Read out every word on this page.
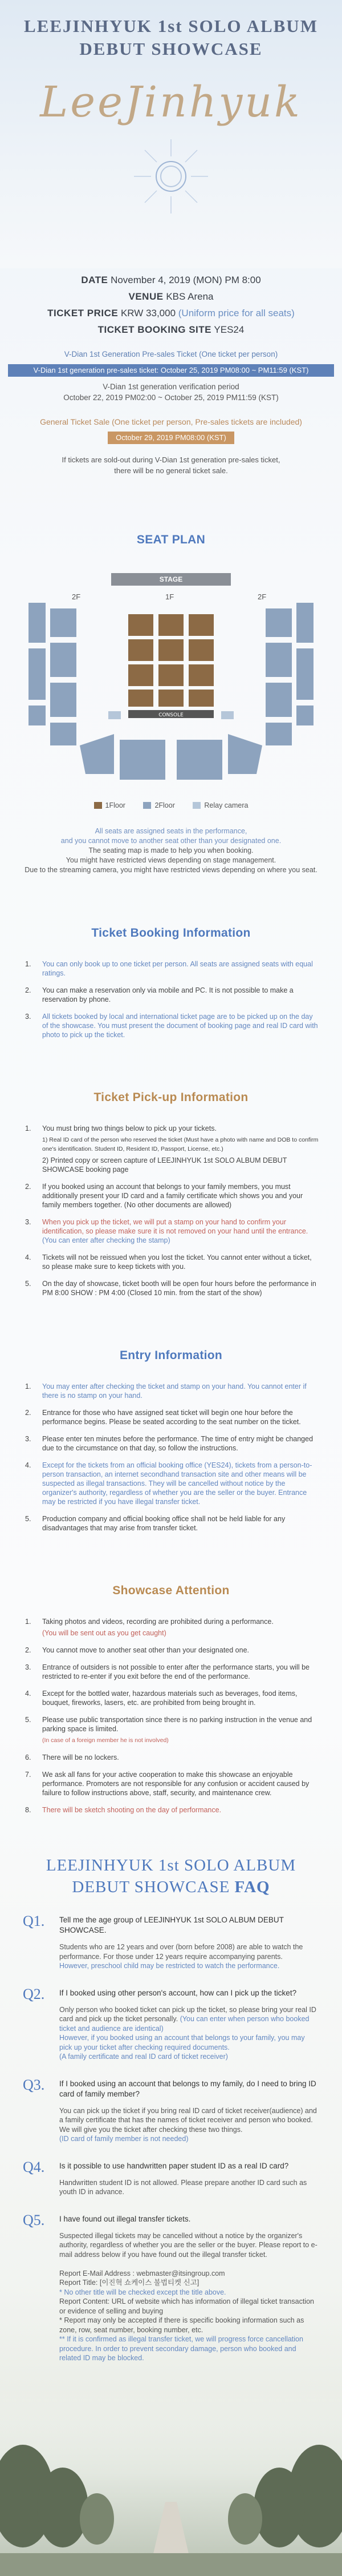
LEEJINHYUK 1st SOLO ALBUM
DEBUT SHOWCASE
LeeJinhyuk
DATE November 4, 2019 (MON) PM 8:00
VENUE KBS Arena
TICKET PRICE KRW 33,000 (Uniform price for all seats)
TICKET BOOKING SITE YES24
V-Dian 1st Generation Pre-sales Ticket (One ticket per person)
V-Dian 1st generation pre-sales ticket: October 25, 2019 PM08:00 ~ PM11:59 (KST)
V-Dian 1st generation verification period
October 22, 2019 PM02:00 ~ October 25, 2019 PM11:59 (KST)
General Ticket Sale (One ticket per person, Pre-sales tickets are included)
October 29, 2019 PM08:00 (KST)
If tickets are sold-out during V-Dian 1st generation pre-sales ticket,
there will be no general ticket sale.
SEAT PLAN
STAGE
2F	1F	2F
CONSOLE
1Floor	2Floor	Relay camera
All seats are assigned seats in the performance,
and you cannot move to another seat other than your designated one.
The seating map is made to help you when booking.
You might have restricted views depending on stage management.
Due to the streaming camera, you might have restricted views depending on where you seat.
Ticket Booking Information
1. You can only book up to one ticket per person. All seats are assigned seats with equal ratings.
2. You can make a reservation only via mobile and PC. It is not possible to make a reservation by phone.
3. All tickets booked by local and international ticket page are to be picked up on the day of the showcase. You must present the document of booking page and real ID card with photo to pick up the ticket.
Ticket Pick-up Information
1. You must bring two things below to pick up your tickets.
1) Real ID card of the person who reserved the ticket (Must have a photo with name and DOB to confirm one's identification. Student ID, Resident ID, Passport, License, etc.)
2) Printed copy or screen capture of LEEJINHYUK 1st SOLO ALBUM DEBUT SHOWCASE booking page
2. If you booked using an account that belongs to your family members, you must additionally present your ID card and a family certificate which shows you and your family members together. (No other documents are allowed)
3. When you pick up the ticket, we will put a stamp on your hand to confirm your identification, so please make sure it is not removed on your hand until the entrance. (You can enter after checking the stamp)
4. Tickets will not be reissued when you lost the ticket. You cannot enter without a ticket, so please make sure to keep tickets with you.
5. On the day of showcase, ticket booth will be open four hours before the performance in PM 8:00 SHOW : PM 4:00 (Closed 10 min. from the start of the show)
Entry Information
1. You may enter after checking the ticket and stamp on your hand. You cannot enter if there is no stamp on your hand.
2. Entrance for those who have assigned seat ticket will begin one hour before the performance begins. Please be seated according to the seat number on the ticket.
3. Please enter ten minutes before the performance. The time of entry might be changed due to the circumstance on that day, so follow the instructions.
4. Except for the tickets from an official booking office (YES24), tickets from a person-to-person transaction, an internet secondhand transaction site and other means will be suspected as illegal transactions. They will be cancelled without notice by the organizer's authority, regardless of whether you are the seller or the buyer. Entrance may be restricted if you have illegal transfer ticket.
5. Production company and official booking office shall not be held liable for any disadvantages that may arise from transfer ticket.
Showcase Attention
1. Taking photos and videos, recording are prohibited during a performance.
(You will be sent out as you get caught)
2. You cannot move to another seat other than your designated one.
3. Entrance of outsiders is not possible to enter after the performance starts, you will be restricted to re-enter if you exit before the end of the performance.
4. Except for the bottled water, hazardous materials such as beverages, food items, bouquet, fireworks, lasers, etc. are prohibited from being brought in.
5. Please use public transportation since there is no parking instruction in the venue and parking space is limited.
(In case of a foreign member he is not involved)
6. There will be no lockers.
7. We ask all fans for your active cooperation to make this showcase an enjoyable performance. Promoters are not responsible for any confusion or accident caused by failure to follow instructions above, staff, security, and maintenance crew.
8. There will be sketch shooting on the day of performance.
LEEJINHYUK 1st SOLO ALBUM
DEBUT SHOWCASE FAQ
Q1. Tell me the age group of LEEJINHYUK 1st SOLO ALBUM DEBUT SHOWCASE.
Students who are 12 years and over (born before 2008) are able to watch the performance. For those under 12 years require accompanying parents.
However, preschool child may be restricted to watch the performance.
Q2. If I booked using other person's account, how can I pick up the ticket?
Only person who booked ticket can pick up the ticket, so please bring your real ID card and pick up the ticket personally. (You can enter when person who booked ticket and audience are identical)
However, if you booked using an account that belongs to your family, you may pick up your ticket after checking required documents.
(A family certificate and real ID card of ticket receiver)
Q3. If I booked using an account that belongs to my family, do I need to bring ID card of family member?
You can pick up the ticket if you bring real ID card of ticket receiver(audience) and a family certificate that has the names of ticket receiver and person who booked. We will give you the ticket after checking these two things.
(ID card of family member is not needed)
Q4. Is it possible to use handwritten paper student ID as a real ID card?
Handwritten student ID is not allowed. Please prepare another ID card such as youth ID in advance.
Q5. I have found out illegal transfer tickets.
Suspected illegal tickets may be cancelled without a notice by the organizer's authority, regardless of whether you are the seller or the buyer. Please report to e-mail address below if you have found out the illegal transfer ticket.

Report E-Mail Address : webmaster@itsingroup.com
Report Title: [이진혁 쇼케이스 불법티켓 신고]
* No other title will be checked except the title above.
Report Content: URL of website which has information of illegal ticket transaction or evidence of selling and buying
* Report may only be accepted if there is specific booking information such as zone, row, seat number, booking number, etc.
** If it is confirmed as illegal transfer ticket, we will progress force cancellation procedure. In order to prevent secondary damage, person who booked and related ID may be blocked.
